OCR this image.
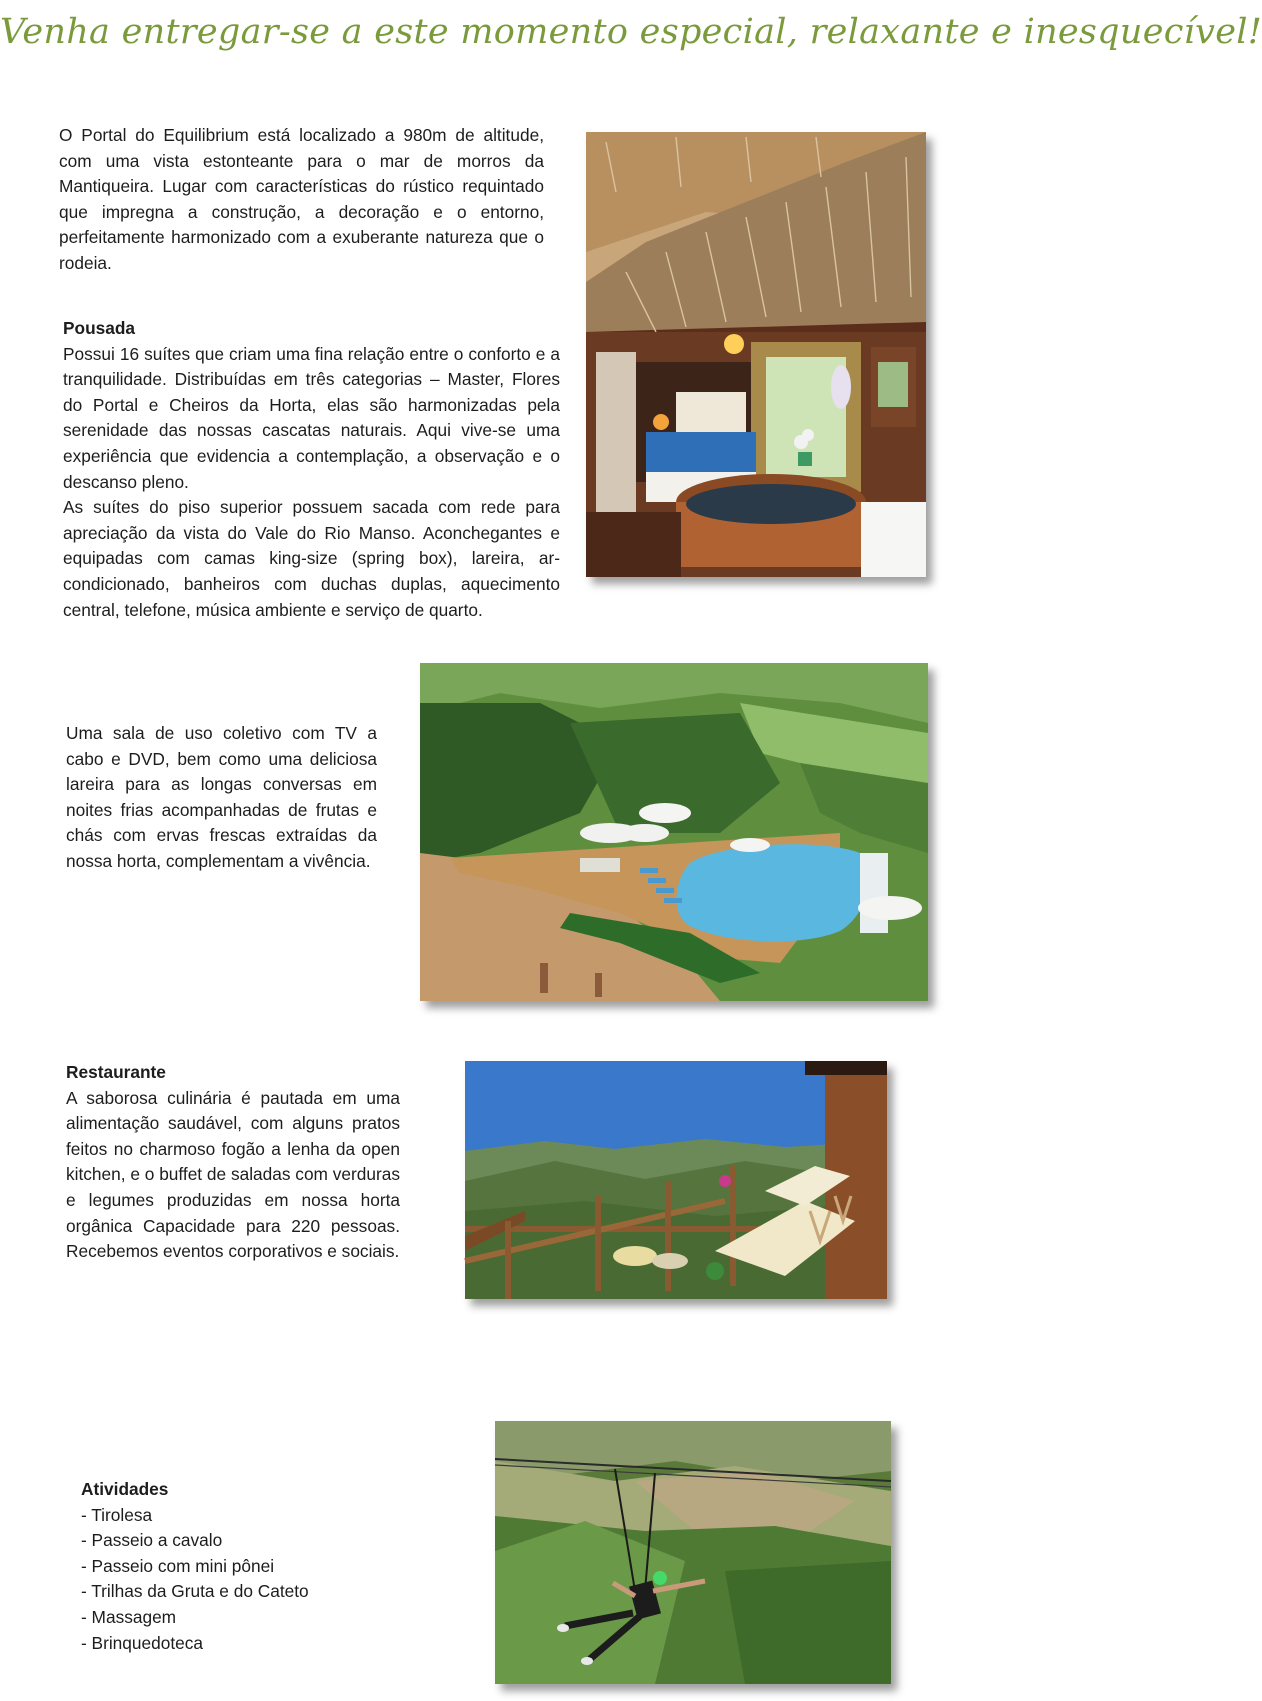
Venha entregar-se a este momento especial, relaxante e inesquecível!

O Portal do Equilibrium está localizado a 980m de altitude, com uma vista estonteante para o mar de morros da Mantiqueira. Lugar com características do rústico requintado que impregna a construção, a decoração e o entorno, perfeitamente harmonizado com a exuberante natureza que o rodeia.

Pousada

Possui 16 suítes que criam uma fina relação entre o conforto e a tranquilidade. Distribuídas em três categorias – Master, Flores do Portal e Cheiros da Horta, elas são harmonizadas pela serenidade das nossas cascatas naturais. Aqui vive-se uma experiência que evidencia a contemplação, a observação e o descanso pleno.

As suítes do piso superior possuem sacada com rede para apreciação da vista do Vale do Rio Manso. Aconchegantes e equipadas com camas king-size (spring box), lareira, ar-condicionado, banheiros com duchas duplas, aquecimento central, telefone, música ambiente e serviço de quarto.

Uma sala de uso coletivo com TV a cabo e DVD, bem como uma deliciosa lareira para as longas conversas em noites frias acompanhadas de frutas e chás com ervas frescas extraídas da nossa horta, complementam a vivência.

Restaurante

A saborosa culinária é pautada em uma alimentação saudável, com alguns pratos feitos no charmoso fogão a lenha da open kitchen, e o buffet de saladas com verduras e legumes produzidas em nossa horta orgânica Capacidade para 220 pessoas. Recebemos eventos corporativos e sociais.

Atividades

- Tirolesa
- Passeio a cavalo
- Passeio com mini pônei
- Trilhas da Gruta e do Cateto
- Massagem
- Brinquedoteca
